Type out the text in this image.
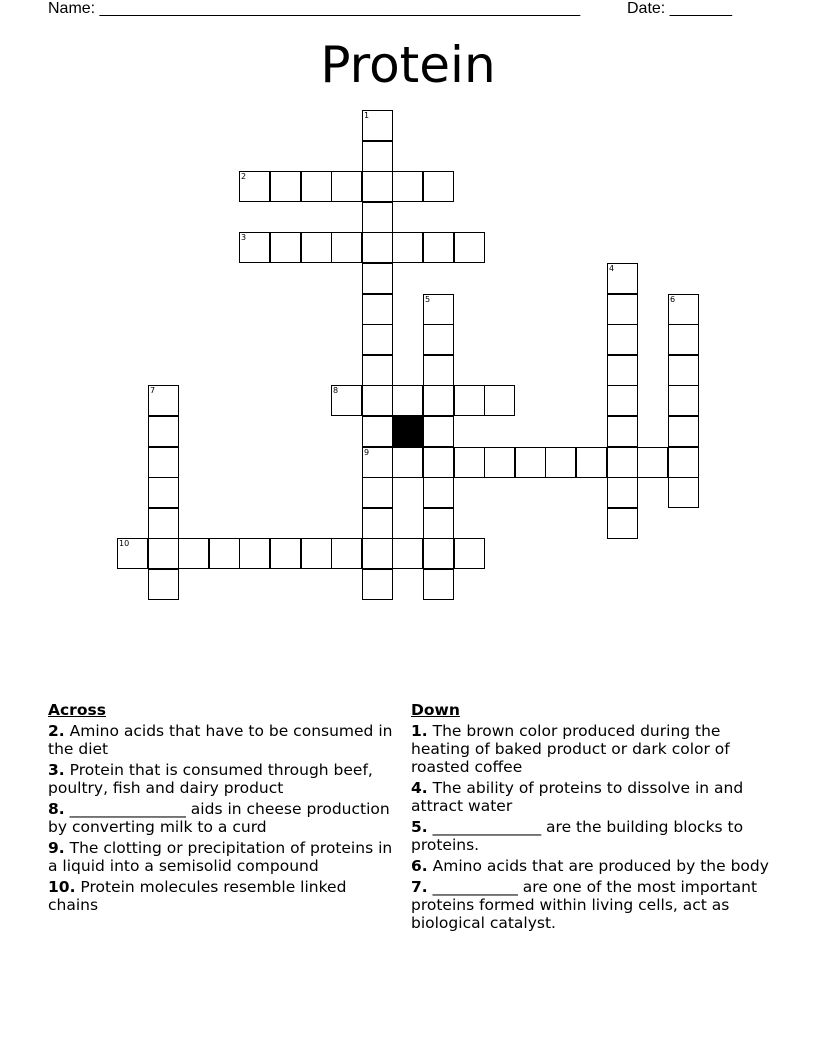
Name: ______________________________________________________	Date: _______
Protein
1
9
2
3
4
5	6
7	8
10
Across
2. Amino acids that have to be consumed in the diet
3. Protein that is consumed through beef, poultry, fish and dairy product
8. _______________ aids in cheese production by converting milk to a curd
9. The clotting or precipitation of proteins in a liquid into a semisolid compound
10. Protein molecules resemble linked chains
Down
1. The brown color produced during the heating of baked product or dark color of roasted coffee
4. The ability of proteins to dissolve in and attract water
5. ______________ are the building blocks to proteins.
6. Amino acids that are produced by the body
7. ___________ are one of the most important proteins formed within living cells, act as biological catalyst.
